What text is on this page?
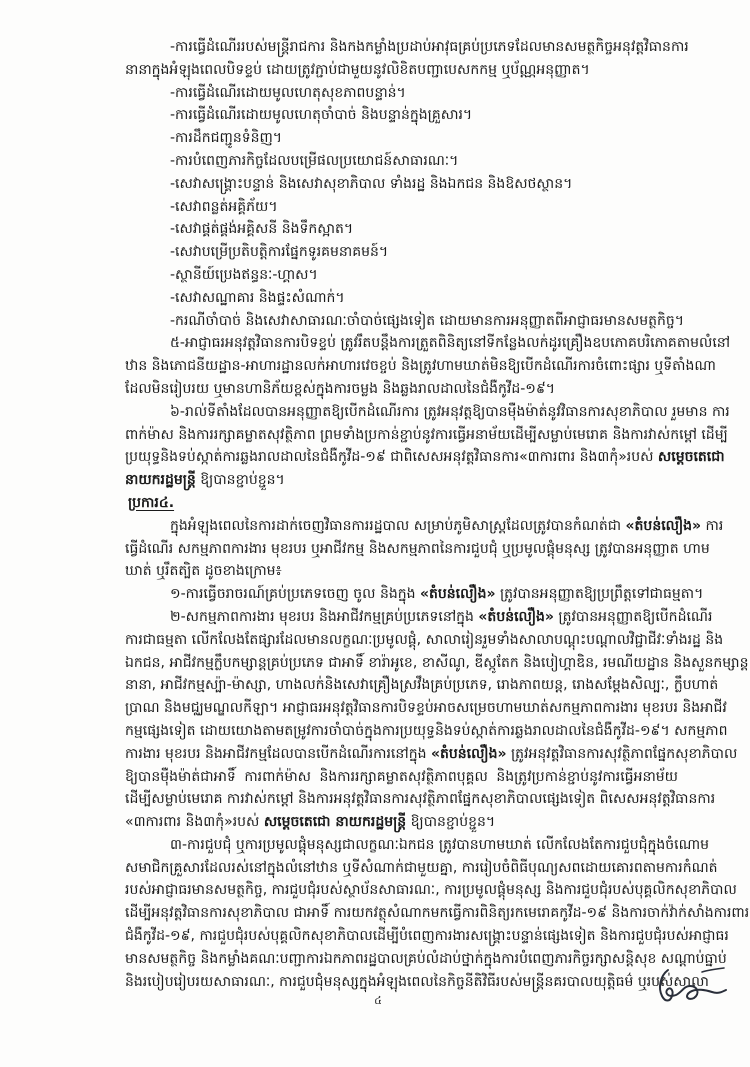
-ការធ្វើដំណើររបស់មន្ត្រីរាជការ និងកងកម្លាំងប្រដាប់អាវុធគ្រប់ប្រភេទដែលមានសមត្ថកិច្ចអនុវត្តវិធានការ
នានាក្នុងអំឡុងពេលបិទខ្ទប់ ដោយត្រូវភ្ជាប់ជាមួយនូវលិខិតបញ្ជាបេសកកម្ម ឬប័ណ្ណអនុញ្ញាត។
-ការធ្វើដំណើរដោយមូលហេតុសុខភាពបន្ទាន់។
-ការធ្វើដំណើរដោយមូលហេតុចាំបាច់ និងបន្ទាន់ក្នុងគ្រួសារ។
-ការដឹកជញ្ជូនទំនិញ។
-ការបំពេញភារកិច្ចដែលបម្រើផលប្រយោជន៍សាធារណៈ។
-សេវាសង្គ្រោះបន្ទាន់ និងសេវាសុខាភិបាល ទាំងរដ្ឋ និងឯកជន និងឱសថស្ថាន។
-សេវាពន្លត់អគ្គិភ័យ។
-សេវាផ្គត់ផ្គង់អគ្គិសនី និងទឹកស្អាត។
-សេវាបម្រើប្រតិបត្តិការផ្នែកទូរគមនាគមន៍។
-ស្ថានីយ៍ប្រេងឥន្ធនៈ-ហ្គាស។
-សេវាសណ្ឋាគារ និងផ្ទះសំណាក់។
-ករណីចាំបាច់ និងសេវាសាធារណៈចាំបាច់ផ្សេងទៀត ដោយមានការអនុញ្ញាតពីអាជ្ញាធរមានសមត្ថកិច្ច។
៥-អាជ្ញាធរអនុវត្តវិធានការបិទខ្ទប់ ត្រូវរឹតបន្តឹងការត្រួតពិនិត្យនៅទីកន្លែងលក់ដូរគ្រឿងឧបភោគបរិភោគតាមលំនៅ
ឋាន និងភោជនីយដ្ឋាន-អាហារដ្ឋានលក់អាហារវេចខ្ចប់ និងត្រូវហាមឃាត់មិនឱ្យបើកដំណើរការចំពោះផ្សារ ឬទីតាំងណា
ដែលមិនរៀបរយ ឬមានហានិភ័យខ្ពស់ក្នុងការចម្លង និងឆ្លងរាលដាលនៃជំងឺកូវីដ-១៩។
៦-រាល់ទីតាំងដែលបានអនុញ្ញាតឱ្យបើកដំណើរការ ត្រូវអនុវត្តឱ្យបានម៉ឺងម៉ាត់នូវវិធានការសុខាភិបាល រួមមាន ការ
ពាក់ម៉ាស និងការរក្សាគម្លាតសុវត្ថិភាព ព្រមទាំងប្រកាន់ខ្ជាប់នូវការធ្វើអនាម័យដើម្បីសម្លាប់មេរោគ និងការវាស់កម្ដៅ ដើម្បី
ប្រយុទ្ធនិងទប់ស្កាត់ការឆ្លងរាលដាលនៃជំងឺកូវីដ-១៩ ជាពិសេសអនុវត្តវិធានការ«៣ការពារ និង៣កុំ»របស់ សម្ដេចតេជោ
នាយករដ្ឋមន្ត្រី ឱ្យបានខ្ជាប់ខ្ជួន។
ប្រការ៤.
ក្នុងអំឡុងពេលនៃការដាក់ចេញវិធានការរដ្ឋបាល សម្រាប់ភូមិសាស្ត្រដែលត្រូវបានកំណត់ជា «តំបន់លឿង» ការ
ធ្វើដំណើរ សកម្មភាពការងារ មុខរបរ ឬអាជីវកម្ម និងសកម្មភាពនៃការជួបជុំ ឬប្រមូលផ្តុំមនុស្ស ត្រូវបានអនុញ្ញាត ហាម
ឃាត់ ឬរឹតត្បិត ដូចខាងក្រោម៖
១-ការធ្វើចរាចរណ៍គ្រប់ប្រភេទចេញ ចូល និងក្នុង «តំបន់លឿង» ត្រូវបានអនុញ្ញាតឱ្យប្រព្រឹត្តទៅជាធម្មតា។
២-សកម្មភាពការងារ មុខរបរ និងអាជីវកម្មគ្រប់ប្រភេទនៅក្នុង «តំបន់លឿង» ត្រូវបានអនុញ្ញាតឱ្យបើកដំណើរ
ការជាធម្មតា លើកលែងតែផ្សារដែលមានលក្ខណៈប្រមូលផ្តុំ, សាលារៀនរួមទាំងសាលាបណ្តុះបណ្តាលវិជ្ជាជីវៈទាំងរដ្ឋ និង
ឯកជន, អាជីវកម្មក្លឹបកម្សាន្តគ្រប់ប្រភេទ ជាអាទិ៍ ខារ៉ាអូខេ, ខាសីណូ, ឌីស្កូតែក និងបៀហ្គាឌិន, រមណីយដ្ឋាន និងសួនកម្សាន្ត
នានា, អាជីវកម្មស្ប៉ា-ម៉ាស្សា, ហាងលក់និងសេវាគ្រឿងស្រវឹងគ្រប់ប្រភេទ, រោងភាពយន្ត, រោងសម្តែងសិល្បៈ, ក្លឹបហាត់
ប្រាណ និងមជ្ឈមណ្ឌលកីឡា។ អាជ្ញាធរអនុវត្តវិធានការបិទខ្ទប់អាចសម្រេចហាមឃាត់សកម្មភាពការងារ មុខរបរ និងអាជីវ
កម្មផ្សេងទៀត ដោយយោងតាមតម្រូវការចាំបាច់ក្នុងការប្រយុទ្ធនិងទប់ស្កាត់ការឆ្លងរាលដាលនៃជំងឺកូវីដ-១៩។ សកម្មភាព
ការងារ មុខរបរ និងអាជីវកម្មដែលបានបើកដំណើរការនៅក្នុង «តំបន់លឿង» ត្រូវអនុវត្តវិធានការសុវត្ថិភាពផ្នែកសុខាភិបាល
ឱ្យបានម៉ឺងម៉ាត់ជាអាទិ៍ ការពាក់ម៉ាស និងការរក្សាគម្លាតសុវត្ថិភាពបុគ្គល និងត្រូវប្រកាន់ខ្ជាប់នូវការធ្វើអនាម័យ
ដើម្បីសម្លាប់មេរោគ ការវាស់កម្តៅ និងការអនុវត្តវិធានការសុវត្ថិភាពផ្នែកសុខាភិបាលផ្សេងទៀត ពិសេសអនុវត្តវិធានការ
«៣ការពារ និង៣កុំ»របស់ សម្ដេចតេជោ នាយករដ្ឋមន្ត្រី ឱ្យបានខ្ជាប់ខ្ជួន។
៣-ការជួបជុំ ឬការប្រមូលផ្តុំមនុស្សជាលក្ខណៈឯកជន ត្រូវបានហាមឃាត់ លើកលែងតែការជួបជុំក្នុងចំណោម
សមាជិកគ្រួសារដែលរស់នៅក្នុងលំនៅឋាន ឬទីសំណាក់ជាមួយគ្នា, ការរៀបចំពិធីបុណ្យសពដោយគោរពតាមការកំណត់
របស់អាជ្ញាធរមានសមត្ថកិច្ច, ការជួបជុំរបស់ស្ថាប័នសាធារណៈ, ការប្រមូលផ្តុំមនុស្ស និងការជួបជុំរបស់បុគ្គលិកសុខាភិបាល
ដើម្បីអនុវត្តវិធានការសុខាភិបាល ជាអាទិ៍ ការយកវត្ថុសំណាកមកធ្វើការពិនិត្យរកមេរោគកូវីដ-១៩ និងការចាក់វ៉ាក់សាំងការពារ
ជំងឺកូវីដ-១៩, ការជួបជុំរបស់បុគ្គលិកសុខាភិបាលដើម្បីបំពេញការងារសង្គ្រោះបន្ទាន់ផ្សេងទៀត និងការជួបជុំរបស់អាជ្ញាធរ
មានសមត្ថកិច្ច និងកម្លាំងគណៈបញ្ជាការឯកភាពរដ្ឋបាលគ្រប់លំដាប់ថ្នាក់ក្នុងការបំពេញភារកិច្ចរក្សាសន្តិសុខ សណ្តាប់ធ្នាប់
និងរបៀបរៀបរយសាធារណៈ, ការជួបជុំមនុស្សក្នុងអំឡុងពេលនៃកិច្ចនីតិវិធីរបស់មន្ត្រីនគរបាលយុត្តិធម៌ ឬរបស់សាលា
៤
